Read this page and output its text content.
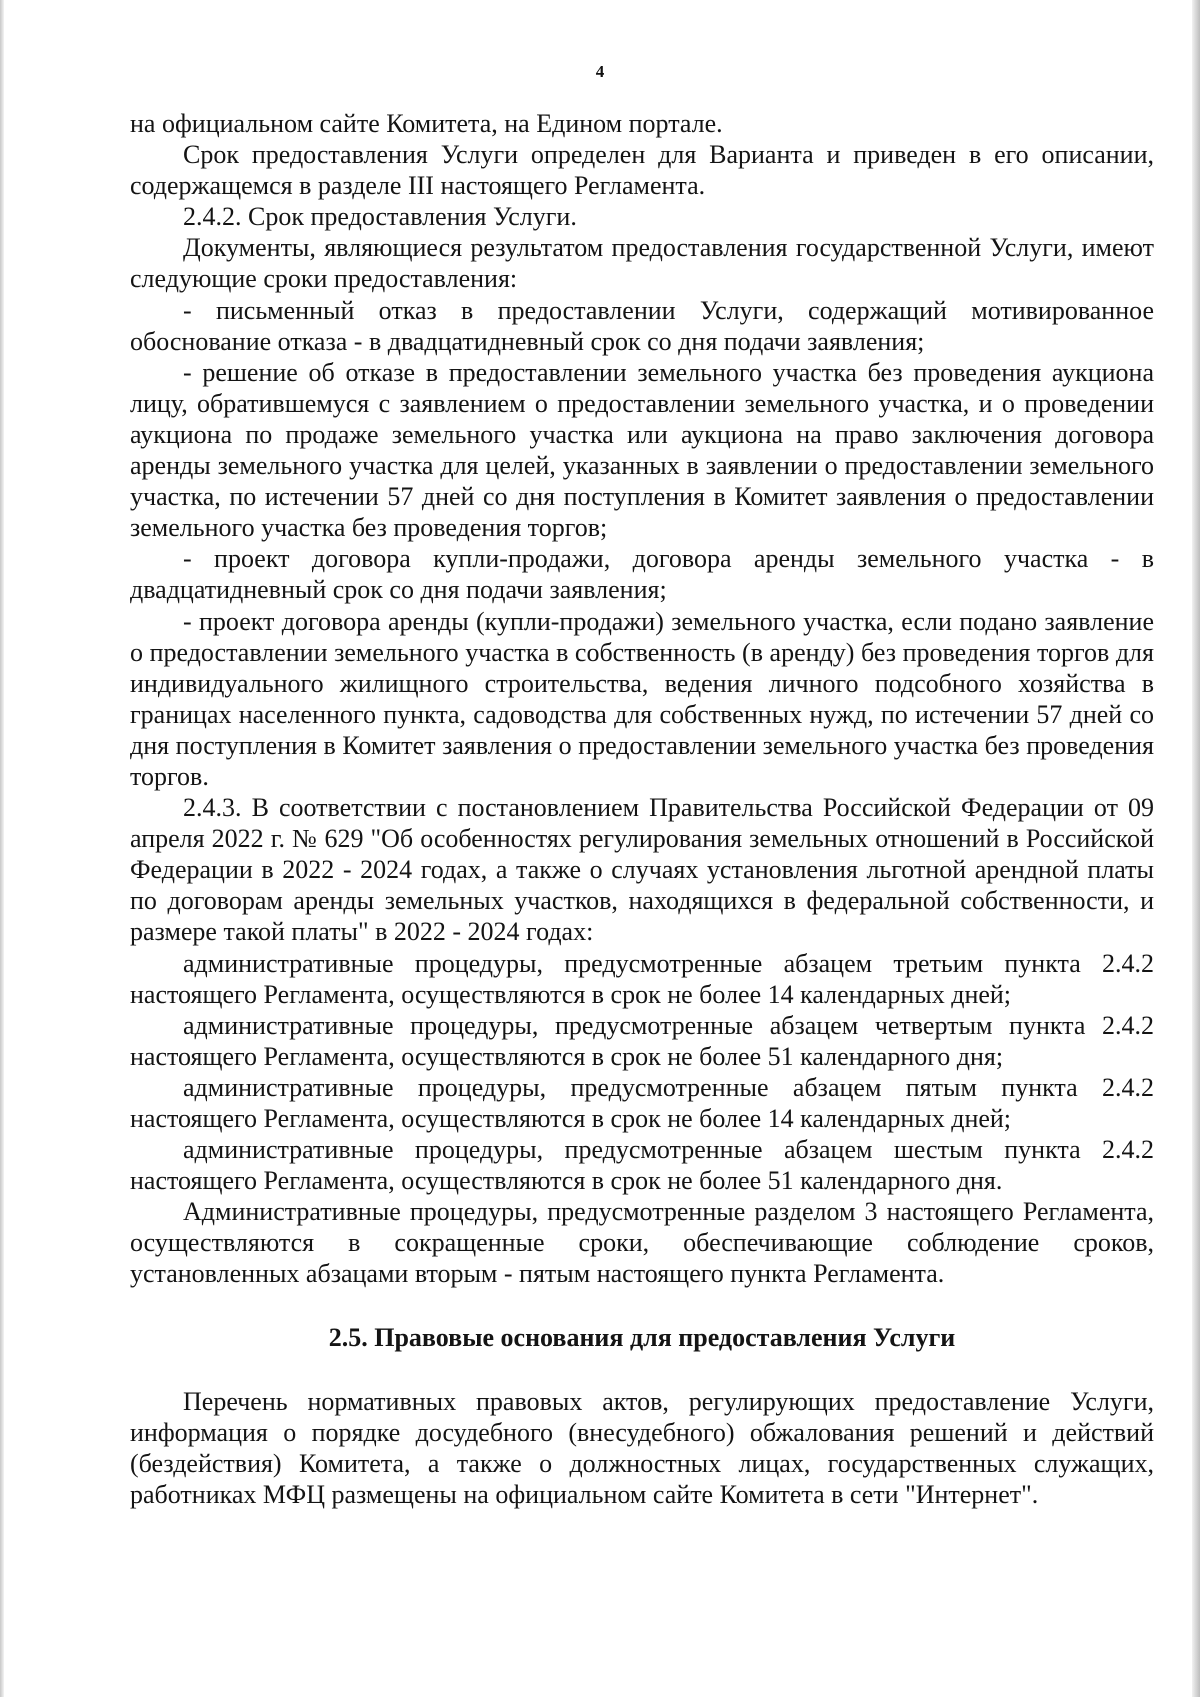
4

на официальном сайте Комитета, на Едином портале.

Срок предоставления Услуги определен для Варианта и приведен в его описании, содержащемся в разделе III настоящего Регламента.

2.4.2. Срок предоставления Услуги.

Документы, являющиеся результатом предоставления государственной Услуги, имеют следующие сроки предоставления:

- письменный отказ в предоставлении Услуги, содержащий мотивированное обоснование отказа - в двадцатидневный срок со дня подачи заявления;

- решение об отказе в предоставлении земельного участка без проведения аукциона лицу, обратившемуся с заявлением о предоставлении земельного участка, и о проведении аукциона по продаже земельного участка или аукциона на право заключения договора аренды земельного участка для целей, указанных в заявлении о предоставлении земельного участка, по истечении 57 дней со дня поступления в Комитет заявления о предоставлении земельного участка без проведения торгов;

- проект договора купли-продажи, договора аренды земельного участка - в двадцатидневный срок со дня подачи заявления;

- проект договора аренды (купли-продажи) земельного участка, если подано заявление о предоставлении земельного участка в собственность (в аренду) без проведения торгов для индивидуального жилищного строительства, ведения личного подсобного хозяйства в границах населенного пункта, садоводства для собственных нужд, по истечении 57 дней со дня поступления в Комитет заявления о предоставлении земельного участка без проведения торгов.

2.4.3. В соответствии с постановлением Правительства Российской Федерации от 09 апреля 2022 г. № 629 "Об особенностях регулирования земельных отношений в Российской Федерации в 2022 - 2024 годах, а также о случаях установления льготной арендной платы по договорам аренды земельных участков, находящихся в федеральной собственности, и размере такой платы" в 2022 - 2024 годах:

административные процедуры, предусмотренные абзацем третьим пункта 2.4.2 настоящего Регламента, осуществляются в срок не более 14 календарных дней;

административные процедуры, предусмотренные абзацем четвертым пункта 2.4.2 настоящего Регламента, осуществляются в срок не более 51 календарного дня;

административные процедуры, предусмотренные абзацем пятым пункта 2.4.2 настоящего Регламента, осуществляются в срок не более 14 календарных дней;

административные процедуры, предусмотренные абзацем шестым пункта 2.4.2 настоящего Регламента, осуществляются в срок не более 51 календарного дня.

Административные процедуры, предусмотренные разделом 3 настоящего Регламента, осуществляются в сокращенные сроки, обеспечивающие соблюдение сроков, установленных абзацами вторым - пятым настоящего пункта Регламента.

2.5. Правовые основания для предоставления Услуги

Перечень нормативных правовых актов, регулирующих предоставление Услуги, информация о порядке досудебного (внесудебного) обжалования решений и действий (бездействия) Комитета, а также о должностных лицах, государственных служащих, работниках МФЦ размещены на официальном сайте Комитета в сети "Интернет".
